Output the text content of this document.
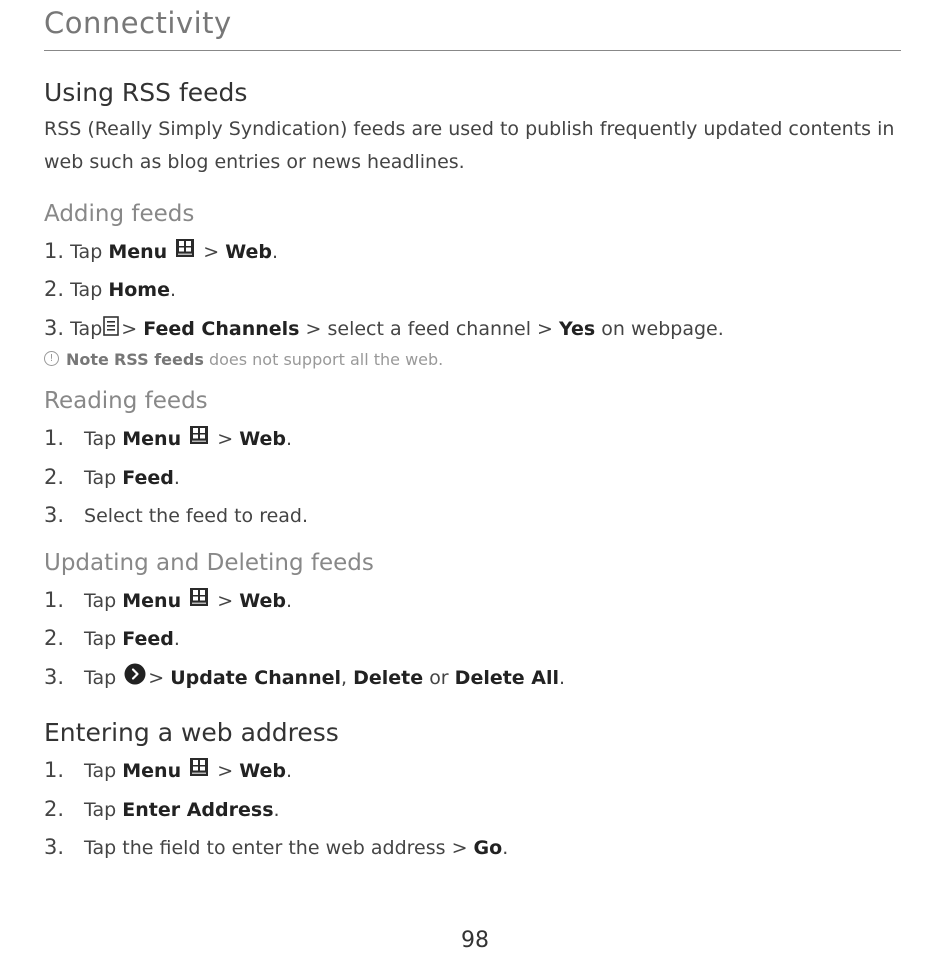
Connectivity
Using RSS feeds
RSS (Really Simply Syndication) feeds are used to publish frequently updated contents in web such as blog entries or news headlines.
Adding feeds
1. Tap Menu > Web.
2. Tap Home.
3. Tap > Feed Channels > select a feed channel > Yes on webpage.
! Note RSS feeds does not support all the web.
Reading feeds
1. Tap Menu > Web.
2. Tap Feed.
3. Select the feed to read.
Updating and Deleting feeds
1. Tap Menu > Web.
2. Tap Feed.
3. Tap > Update Channel, Delete or Delete All.
Entering a web address
1. Tap Menu > Web.
2. Tap Enter Address.
3. Tap the field to enter the web address > Go.
98
